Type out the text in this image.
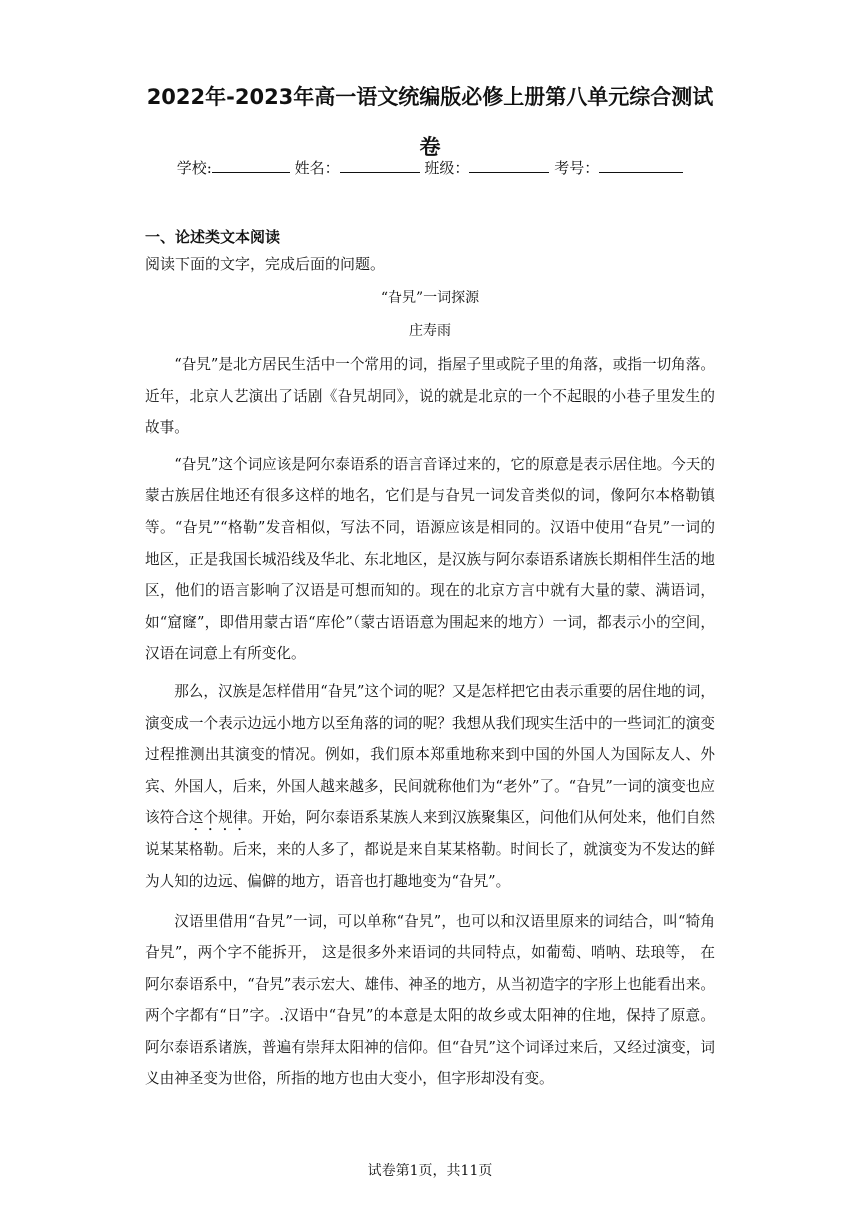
2022年-2023年高一语文统编版必修上册第八单元综合测试
卷
学校:	姓名：	班级：	考号：
一、论述类文本阅读
阅读下面的文字，完成后面的问题。
“旮旯”一词探源
庄寿雨

“旮旯”是北方居民生活中一个常用的词，指屋子里或院子里的角落，或指一切角落。近年，北京人艺演出了话剧《旮旯胡同》，说的就是北京的一个不起眼的小巷子里发生的故事。

“旮旯”这个词应该是阿尔泰语系的语言音译过来的，它的原意是表示居住地。今天的蒙古族居住地还有很多这样的地名，它们是与旮旯一词发音类似的词，像阿尔本格勒镇等。“旮旯”“格勒”发音相似，写法不同，语源应该是相同的。汉语中使用“旮旯”一词的地区，正是我国长城沿线及华北、东北地区，是汉族与阿尔泰语系诸族长期相伴生活的地区，他们的语言影响了汉语是可想而知的。现在的北京方言中就有大量的蒙、满语词，如“窟窿”，即借用蒙古语“库伦”（蒙古语语意为围起来的地方）一词，都表示小的空间，汉语在词意上有所变化。

那么，汉族是怎样借用“旮旯”这个词的呢？又是怎样把它由表示重要的居住地的词，演变成一个表示边远小地方以至角落的词的呢？我想从我们现实生活中的一些词汇的演变过程推测出其演变的情况。例如，我们原本郑重地称来到中国的外国人为国际友人、外宾、外国人，后来，外国人越来越多，民间就称他们为“老外”了。“旮旯”一词的演变也应该符合这个规律。开始，阿尔泰语系某族人来到汉族聚集区，问他们从何处来，他们自然说某某格勒。后来，来的人多了，都说是来自某某格勒。时间长了，就演变为不发达的鲜为人知的边远、偏僻的地方，语音也打趣地变为“旮旯”。

汉语里借用“旮旯”一词，可以单称“旮旯”，也可以和汉语里原来的词结合，叫“犄角旮旯”，两个字不能拆开， 这是很多外来语词的共同特点，如葡萄、哨呐、珐琅等， 在阿尔泰语系中，“旮旯”表示宏大、雄伟、神圣的地方，从当初造字的字形上也能看出来。两个字都有“日”字。.汉语中“旮旯”的本意是太阳的故乡或太阳神的住地，保持了原意。阿尔泰语系诸族，普遍有崇拜太阳神的信仰。但“旮旯”这个词译过来后，又经过演变，词义由神圣变为世俗，所指的地方也由大变小，但字形却没有变。

试卷第1页，共11页
